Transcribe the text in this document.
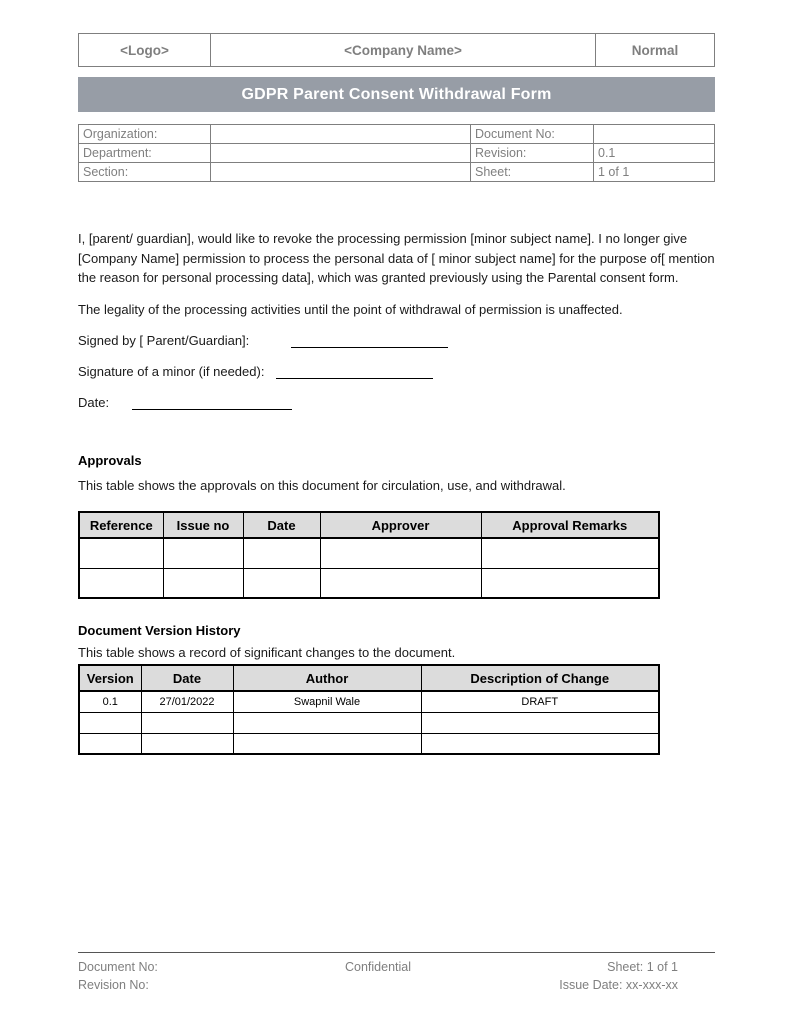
<Logo>	<Company Name>	Normal
GDPR Parent Consent Withdrawal Form
Organization:		Document No:	
Department:		Revision:	0.1
Section:		Sheet:	1 of 1

I, [parent/ guardian], would like to revoke the processing permission [minor subject name]. I no longer give [Company Name] permission to process the personal data of [ minor subject name] for the purpose of[ mention the reason for personal processing data], which was granted previously using the Parental consent form.

The legality of the processing activities until the point of withdrawal of permission is unaffected.

Signed by [ Parent/Guardian]:
Signature of a minor (if needed):
Date:
Approvals

This table shows the approvals on this document for circulation, use, and withdrawal.

Reference	Issue no	Date	Approver	Approval Remarks

Document Version History

This table shows a record of significant changes to the document.

Version	Date	Author	Description of Change
0.1	27/01/2022	Swapnil Wale	DRAFT

Document No:
Revision No:
Confidential	Sheet: 1 of 1
Issue Date: xx-xxx-xx
